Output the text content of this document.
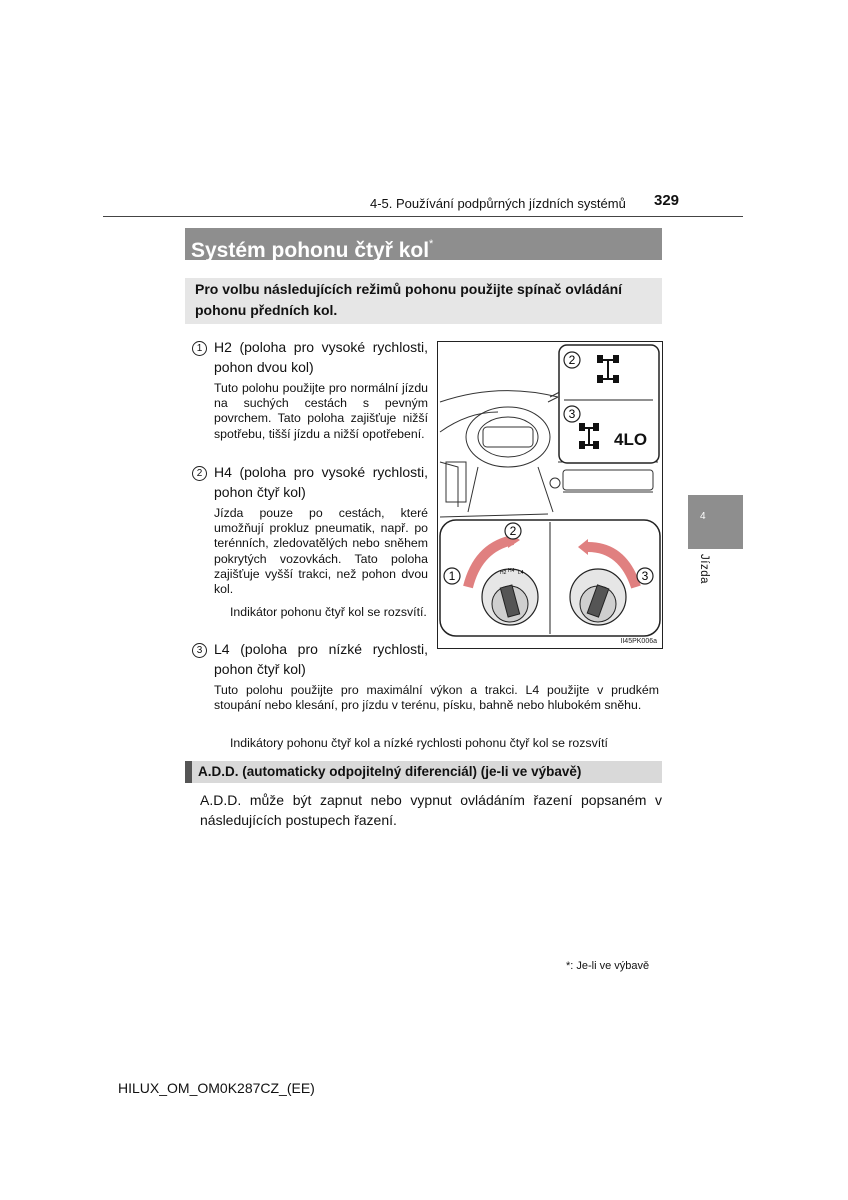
4-5. Používání podpůrných jízdních systémů 329
Systém pohonu čtyř kol*
Pro volbu následujících režimů pohonu použijte spínač ovládání pohonu předních kol.
1 H2 (poloha pro vysoké rychlosti, pohon dvou kol)
Tuto polohu použijte pro normální jízdu na suchých cestách s pevným povrchem. Tato poloha zajišťuje nižší spotřebu, tišší jízdu a nižší opotřebení.
2 H4 (poloha pro vysoké rychlosti, pohon čtyř kol)
Jízda pouze po cestách, které umožňují prokluz pneumatik, např. po terénních, zledovatělých nebo sněhem pokrytých vozovkách. Tato poloha zajišťuje vyšší trakci, než pohon dvou kol.
Indikátor pohonu čtyř kol se rozsvítí.
3 L4 (poloha pro nízké rychlosti, pohon čtyř kol)
Tuto polohu použijte pro maximální výkon a trakci. L4 použijte v prudkém stoupání nebo klesání, pro jízdu v terénu, písku, bahně nebo hlubokém sněhu.
Indikátory pohonu čtyř kol a nízké rychlosti pohonu čtyř kol se rozsvítí
A.D.D. (automaticky odpojitelný diferenciál) (je-li ve výbavě)
A.D.D. může být zapnut nebo vypnut ovládáním řazení popsaném v následujících postupech řazení.
H2 H4 L4
2
3
2
1	3
4LO
II45PK006a
4
Jízda
*: Je-li ve výbavě
HILUX_OM_OM0K287CZ_(EE)
